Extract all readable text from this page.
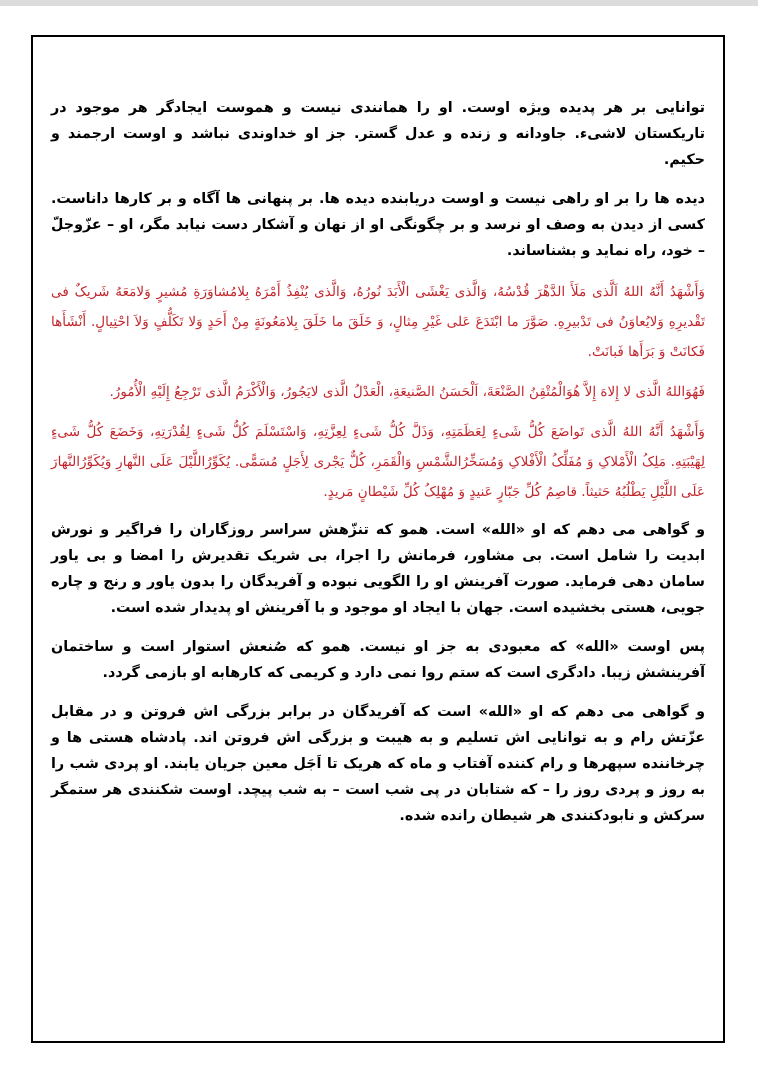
توانایی بر هر پدیده ویژه اوست. او را همانندی نیست و هموست ایجادگر هر موجود در تاریکستان لاشیء. جاودانه و زنده و عدل گستر. جز او خداوندی نباشد و اوست ارجمند و حکیم.

دیده ها را بر او راهی نیست و اوست دریابنده دیده ها. بر پنهانی ها آگاه و بر کارها داناست. کسی از دیدن به وصف او نرسد و بر چگونگی او از نهان و آشکار دست نیابد مگر، او – عزّوجلّ – خود، راه نماید و بشناساند.

وَأَشْهَدُ أَنَّهُ اللهُ اَلَّذی مَلَأَ الدَّهْرَ قُدْسُهُ، وَالَّذی یَغْشَی الْأَبَدَ نُورُهُ، وَالَّذی یُنْفِذُ أَمْرَهُ بِلامُشاوَرَةِ مُشیرٍ وَلامَعَهُ شَریکٌ فی تَقْدیرِهِ وَلایُعاوَنُ فی تَدْبیرِهِ. صَوَّرَ ما ابْتَدَعَ عَلی غَیْرِ مِثالٍ، وَ خَلَقَ ما خَلَقَ بِلامَعُونَةٍ مِنْ أَحَدٍ وَلا تَکَلُّفٍ وَلاَ احْتِیالٍ. أَنْشَأَها فَکانَتْ وَ بَرَأَها فَبانَتْ.

فَهُوَاللهُ الَّذی لا إِلاهَ إِلاَّ هُوَالْمُتْقِنُ الصَّنْعَةَ، اَلْحَسَنُ الصَّنیعَةِ، الْعَدْلُ الَّذی لایَجُورُ، وَالْأَکْرَمُ الَّذی تَرْجِعُ إِلَیْهِ الْأُمُورُ.

وَأَشْهَدُ أَنَّهُ اللهُ الَّذی تَواضَعَ کُلُّ شَیءٍ لِعَظَمَتِهِ، وَذَلَّ کُلُّ شَیءٍ لِعِزَّتِهِ، وَاسْتَسْلَمَ کُلُّ شَیءٍ لِقُدْرَتِهِ، وَخَضَعَ کُلُّ شَیءٍ لِهَیْبَتِهِ. مَلِکُ الْأَمْلاکِ وَ مُفَلِّکُ الْأَفْلاکِ وَمُسَخِّرُالشَّمْسِ وَالْقَمَرِ، کُلٌّ یَجْری لِأَجَلٍ مُسَمًّی. یُکَوِّرُاللَّیْلَ عَلَی النَّهارِ وَیُکَوِّرُالنَّهارَ عَلَی اللَّیْلِ یَطْلُبُهُ حَثیثاً. قاصِمُ کُلِّ جَبّارٍ عَنیدٍ وَ مُهْلِکُ کُلِّ شَیْطانٍ مَریدٍ.

و گواهی می دهم که او «الله» است. همو که تنزّهش سراسر روزگاران را فراگیر و نورش ابدیت را شامل است. بی مشاور، فرمانش را اجرا، بی شریک تقدیرش را امضا و بی یاور سامان دهی فرماید. صورت آفرینش او را الگویی نبوده و آفریدگان را بدون یاور و رنج و چاره جویی، هستی بخشیده است. جهان با ایجاد او موجود و با آفرینش او پدیدار شده است.

پس اوست «الله» که معبودی به جز او نیست. همو که صُنعش استوار است و ساختمان آفرینشش زیبا. دادگری است که ستم روا نمی دارد و کریمی که کارهابه او بازمی گردد.

و گواهی می دهم که او «الله» است که آفریدگان در برابر بزرگی اش فروتن و در مقابل عزّتش رام و به توانایی اش تسلیم و به هیبت و بزرگی اش فروتن اند. پادشاه هستی ها و چرخاننده سپهرها و رام کننده آفتاب و ماه که هریک تا اَجَل معین جریان یابند. او پردی شب را به روز و پردی روز را – که شتابان در پی شب است – به شب پیچد. اوست شکنندی هر ستمگر سرکش و نابودکنندی هر شیطان رانده شده.
